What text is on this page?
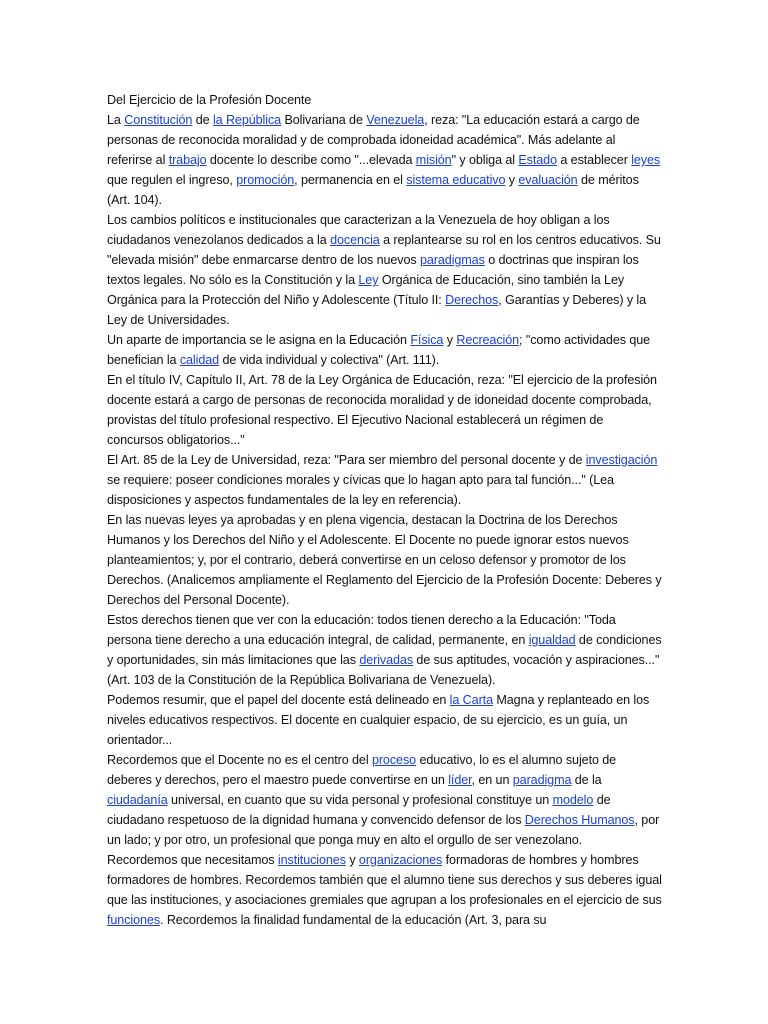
Del Ejercicio de la Profesión Docente

La Constitución de la República Bolivariana de Venezuela, reza: "La educación estará a cargo de personas de reconocida moralidad y de comprobada idoneidad académica". Más adelante al referirse al trabajo docente lo describe como "...elevada misión" y obliga al Estado a establecer leyes que regulen el ingreso, promoción, permanencia en el sistema educativo y evaluación de méritos (Art. 104).

Los cambios políticos e institucionales que caracterizan a la Venezuela de hoy obligan a los ciudadanos venezolanos dedicados a la docencia a replantearse su rol en los centros educativos. Su "elevada misión" debe enmarcarse dentro de los nuevos paradigmas o doctrinas que inspiran los textos legales. No sólo es la Constitución y la Ley Orgánica de Educación, sino también la Ley Orgánica para la Protección del Niño y Adolescente (Título II: Derechos, Garantías y Deberes) y la Ley de Universidades.

Un aparte de importancia se le asigna en la Educación Física y Recreación; "como actividades que benefician la calidad de vida individual y colectiva" (Art. 111).

En el título IV, Capítulo II, Art. 78 de la Ley Orgánica de Educación, reza: "El ejercicio de la profesión docente estará a cargo de personas de reconocida moralidad y de idoneidad docente comprobada, provistas del título profesional respectivo. El Ejecutivo Nacional establecerá un régimen de concursos obligatorios..."

El Art. 85 de la Ley de Universidad, reza: "Para ser miembro del personal docente y de investigación se requiere: poseer condiciones morales y cívicas que lo hagan apto para tal función..." (Lea disposiciones y aspectos fundamentales de la ley en referencia).

En las nuevas leyes ya aprobadas y en plena vigencia, destacan la Doctrina de los Derechos Humanos y los Derechos del Niño y el Adolescente. El Docente no puede ignorar estos nuevos planteamientos; y, por el contrario, deberá convertirse en un celoso defensor y promotor de los Derechos. (Analicemos ampliamente el Reglamento del Ejercicio de la Profesión Docente: Deberes y Derechos del Personal Docente).

Estos derechos tienen que ver con la educación: todos tienen derecho a la Educación: "Toda persona tiene derecho a una educación integral, de calidad, permanente, en igualdad de condiciones y oportunidades, sin más limitaciones que las derivadas de sus aptitudes, vocación y aspiraciones..." (Art. 103 de la Constitución de la República Bolivariana de Venezuela).

Podemos resumir, que el papel del docente está delineado en la Carta Magna y replanteado en los niveles educativos respectivos. El docente en cualquier espacio, de su ejercicio, es un guía, un orientador...

Recordemos que el Docente no es el centro del proceso educativo, lo es el alumno sujeto de deberes y derechos, pero el maestro puede convertirse en un líder, en un paradigma de la ciudadanía universal, en cuanto que su vida personal y profesional constituye un modelo de ciudadano respetuoso de la dignidad humana y convencido defensor de los Derechos Humanos, por un lado; y por otro, un profesional que ponga muy en alto el orgullo de ser venezolano.

Recordemos que necesitamos instituciones y organizaciones formadoras de hombres y hombres formadores de hombres. Recordemos también que el alumno tiene sus derechos y sus deberes igual que las instituciones, y asociaciones gremiales que agrupan a los profesionales en el ejercicio de sus funciones. Recordemos la finalidad fundamental de la educación (Art. 3, para su
